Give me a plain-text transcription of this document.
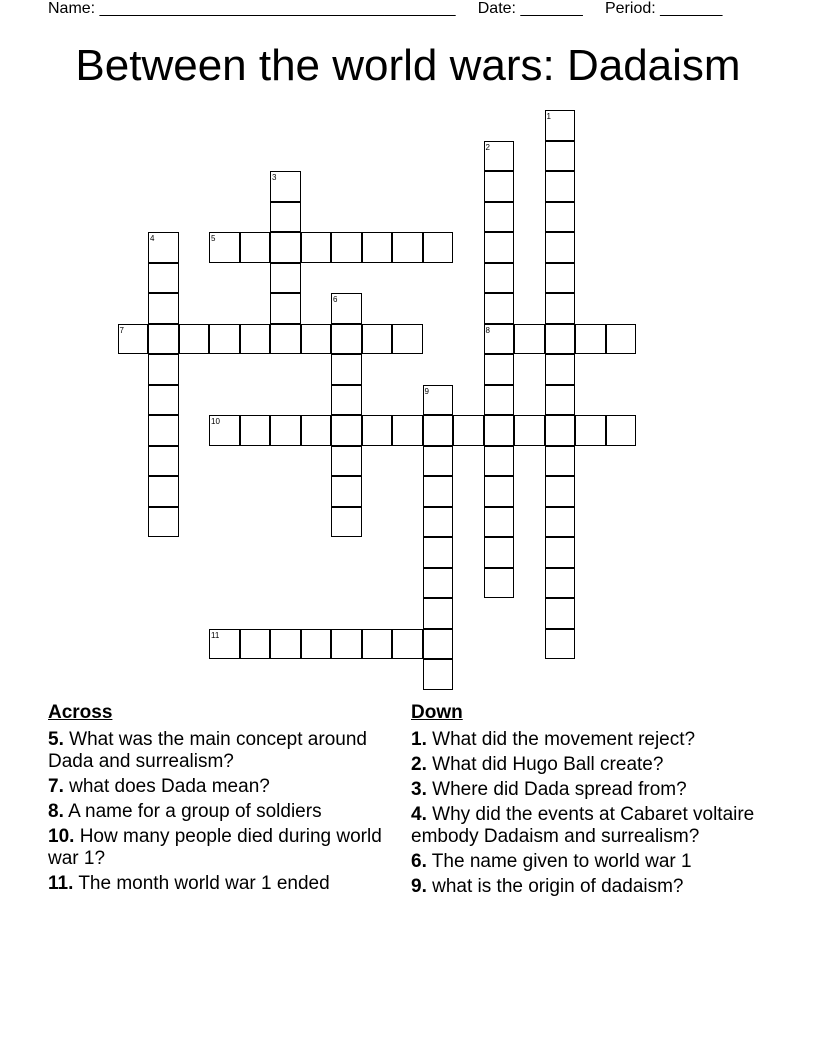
Name: ________________________________________ Date: _______ Period: _______
Between the world wars: Dadaism
1
2
3
4	5
6
7	8
9
10
11
Across
5. What was the main concept around Dada and surrealism?
7. what does Dada mean?
8. A name for a group of soldiers
10. How many people died during world war 1?
11. The month world war 1 ended
Down
1. What did the movement reject?
2. What did Hugo Ball create?
3. Where did Dada spread from?
4. Why did the events at Cabaret voltaire embody Dadaism and surrealism?
6. The name given to world war 1
9. what is the origin of dadaism?
